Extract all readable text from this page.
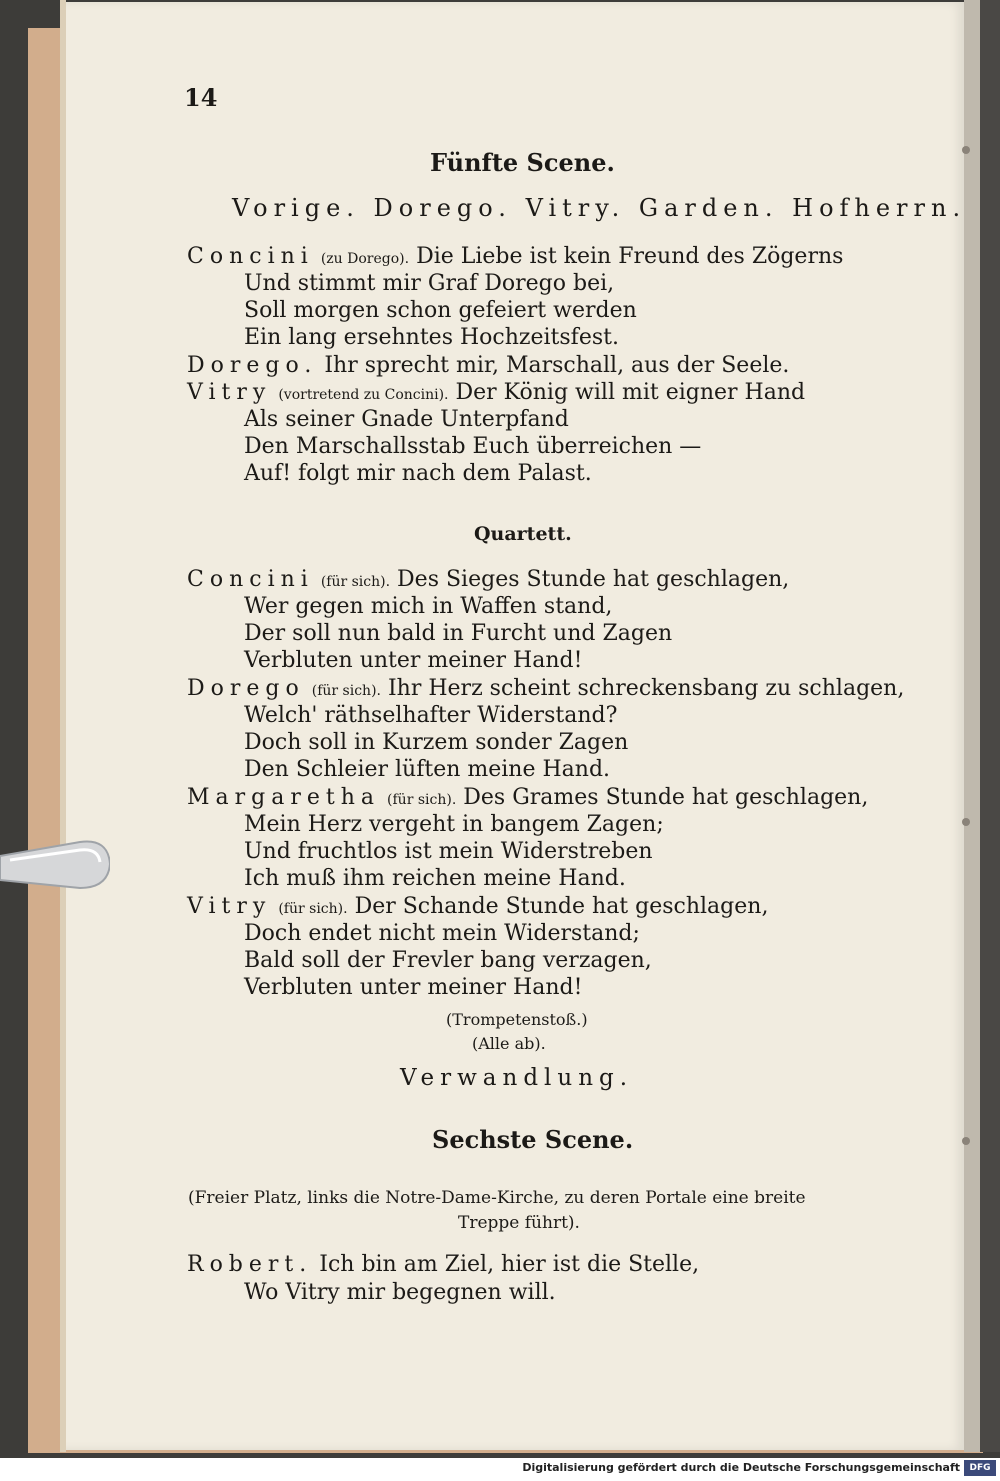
14
Fünfte Scene.
Vorige. Dorego. Vitry. Garden. Hofherrn.
Concini (zu Dorego). Die Liebe ist kein Freund des Zögerns
Und stimmt mir Graf Dorego bei,
Soll morgen schon gefeiert werden
Ein lang ersehntes Hochzeitsfest.
Dorego. Ihr sprecht mir, Marschall, aus der Seele.
Vitry (vortretend zu Concini). Der König will mit eigner Hand
Als seiner Gnade Unterpfand
Den Marschallsstab Euch überreichen —
Auf! folgt mir nach dem Palast.
Quartett.
Concini (für sich). Des Sieges Stunde hat geschlagen,
Wer gegen mich in Waffen stand,
Der soll nun bald in Furcht und Zagen
Verbluten unter meiner Hand!
Dorego (für sich). Ihr Herz scheint schreckensbang zu schlagen,
Welch' räthselhafter Widerstand?
Doch soll in Kurzem sonder Zagen
Den Schleier lüften meine Hand.
Margaretha (für sich). Des Grames Stunde hat geschlagen,
Mein Herz vergeht in bangem Zagen;
Und fruchtlos ist mein Widerstreben
Ich muß ihm reichen meine Hand.
Vitry (für sich). Der Schande Stunde hat geschlagen,
Doch endet nicht mein Widerstand;
Bald soll der Frevler bang verzagen,
Verbluten unter meiner Hand!
(Trompetenstoß.)
(Alle ab).
Verwandlung.
Sechste Scene.
(Freier Platz, links die Notre-Dame-Kirche, zu deren Portale eine breite
Treppe führt).
Robert. Ich bin am Ziel, hier ist die Stelle,
Wo Vitry mir begegnen will.
Digitalisierung gefördert durch die Deutsche Forschungsgemeinschaft	DFG
